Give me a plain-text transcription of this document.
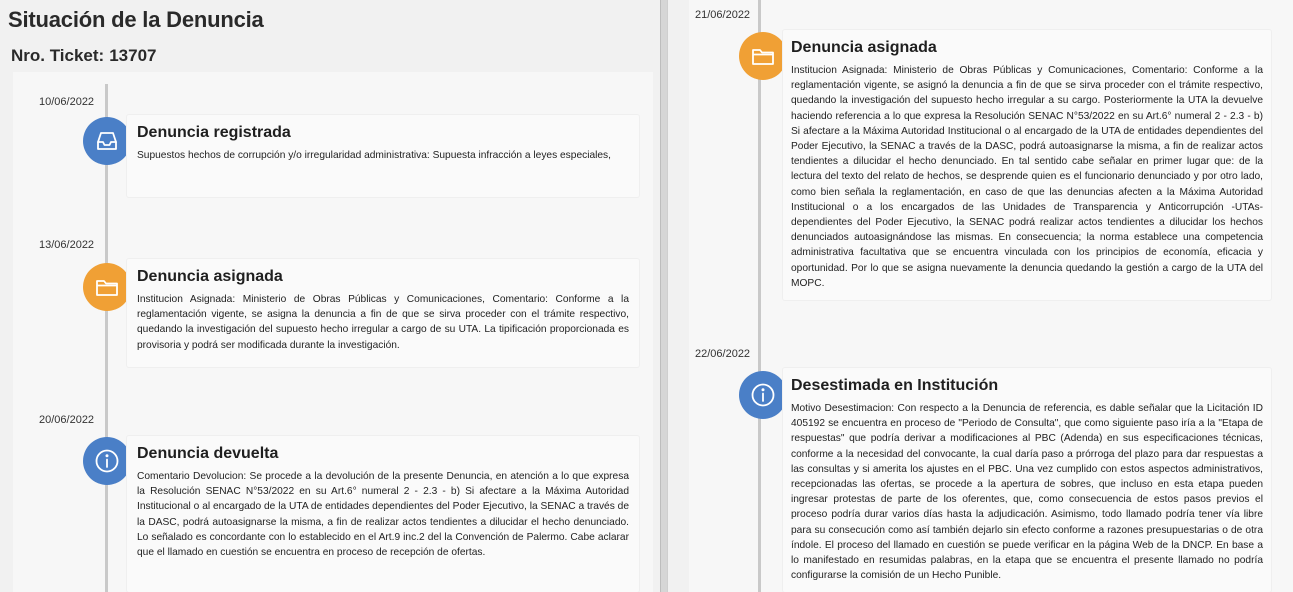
Situación de la Denuncia
Nro. Ticket: 13707
10/06/2022
Denuncia registrada
Supuestos hechos de corrupción y/o irregularidad administrativa: Supuesta infracción a leyes especiales,
13/06/2022
Denuncia asignada
Institucion Asignada: Ministerio de Obras Públicas y Comunicaciones, Comentario: Conforme a la reglamentación vigente, se asigna la denuncia a fin de que se sirva proceder con el trámite respectivo, quedando la investigación del supuesto hecho irregular a cargo de su UTA. La tipificación proporcionada es provisoria y podrá ser modificada durante la investigación.
20/06/2022
Denuncia devuelta
Comentario Devolucion: Se procede a la devolución de la presente Denuncia, en atención a lo que expresa la Resolución SENAC N°53/2022 en su Art.6° numeral 2 - 2.3 - b) Si afectare a la Máxima Autoridad Institucional o al encargado de la UTA de entidades dependientes del Poder Ejecutivo, la SENAC a través de la DASC, podrá autoasignarse la misma, a fin de realizar actos tendientes a dilucidar el hecho denunciado. Lo señalado es concordante con lo establecido en el Art.9 inc.2 del la Convención de Palermo. Cabe aclarar que el llamado en cuestión se encuentra en proceso de recepción de ofertas.
21/06/2022
Denuncia asignada
Institucion Asignada: Ministerio de Obras Públicas y Comunicaciones, Comentario: Conforme a la reglamentación vigente, se asignó la denuncia a fin de que se sirva proceder con el trámite respectivo, quedando la investigación del supuesto hecho irregular a su cargo. Posteriormente la UTA la devuelve haciendo referencia a lo que expresa la Resolución SENAC N°53/2022 en su Art.6° numeral 2 - 2.3 - b) Si afectare a la Máxima Autoridad Institucional o al encargado de la UTA de entidades dependientes del Poder Ejecutivo, la SENAC a través de la DASC, podrá autoasignarse la misma, a fin de realizar actos tendientes a dilucidar el hecho denunciado. En tal sentido cabe señalar en primer lugar que: de la lectura del texto del relato de hechos, se desprende quien es el funcionario denunciado y por otro lado, como bien señala la reglamentación, en caso de que las denuncias afecten a la Máxima Autoridad Institucional o a los encargados de las Unidades de Transparencia y Anticorrupción -UTAs- dependientes del Poder Ejecutivo, la SENAC podrá realizar actos tendientes a dilucidar los hechos denunciados autoasignándose las mismas. En consecuencia; la norma establece una competencia administrativa facultativa que se encuentra vinculada con los principios de economía, eficacia y oportunidad. Por lo que se asigna nuevamente la denuncia quedando la gestión a cargo de la UTA del MOPC.
22/06/2022
Desestimada en Institución
Motivo Desestimacion: Con respecto a la Denuncia de referencia, es dable señalar que la Licitación ID 405192 se encuentra en proceso de "Periodo de Consulta", que como siguiente paso iría a la "Etapa de respuestas" que podría derivar a modificaciones al PBC (Adenda) en sus especificaciones técnicas, conforme a la necesidad del convocante, la cual daría paso a prórroga del plazo para dar respuestas a las consultas y si amerita los ajustes en el PBC. Una vez cumplido con estos aspectos administrativos, recepcionadas las ofertas, se procede a la apertura de sobres, que incluso en esta etapa pueden ingresar protestas de parte de los oferentes, que, como consecuencia de estos pasos previos el proceso podría durar varios días hasta la adjudicación. Asimismo, todo llamado podría tener vía libre para su consecución como así también dejarlo sin efecto conforme a razones presupuestarias o de otra índole. El proceso del llamado en cuestión se puede verificar en la página Web de la DNCP. En base a lo manifestado en resumidas palabras, en la etapa que se encuentra el presente llamado no podría configurarse la comisión de un Hecho Punible.
